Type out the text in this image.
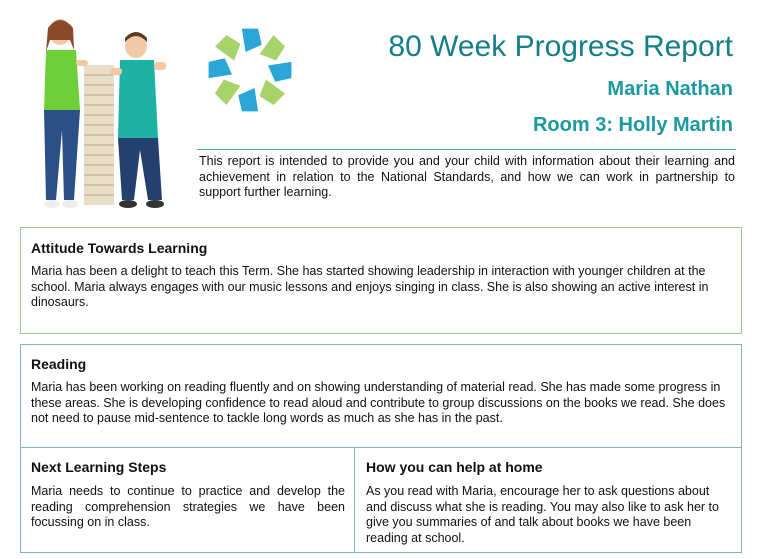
80 Week Progress Report
Maria Nathan
Room 3: Holly Martin
This report is intended to provide you and your child with information about their learning and achievement in relation to the National Standards, and how we can work in partnership to support further learning.
Attitude Towards Learning

Maria has been a delight to teach this Term. She has started showing leadership in interaction with younger children at the school. Maria always engages with our music lessons and enjoys singing in class. She is also showing an active interest in dinosaurs.

Reading

Maria has been working on reading fluently and on showing understanding of material read. She has made some progress in these areas. She is developing confidence to read aloud and contribute to group discussions on the books we read. She does not need to pause mid-sentence to tackle long words as much as she has in the past.

Next Learning Steps

Maria needs to continue to practice and develop the reading comprehension strategies we have been focussing on in class.

How you can help at home

As you read with Maria, encourage her to ask questions about and discuss what she is reading. You may also like to ask her to give you summaries of and talk about books we have been reading at school.
